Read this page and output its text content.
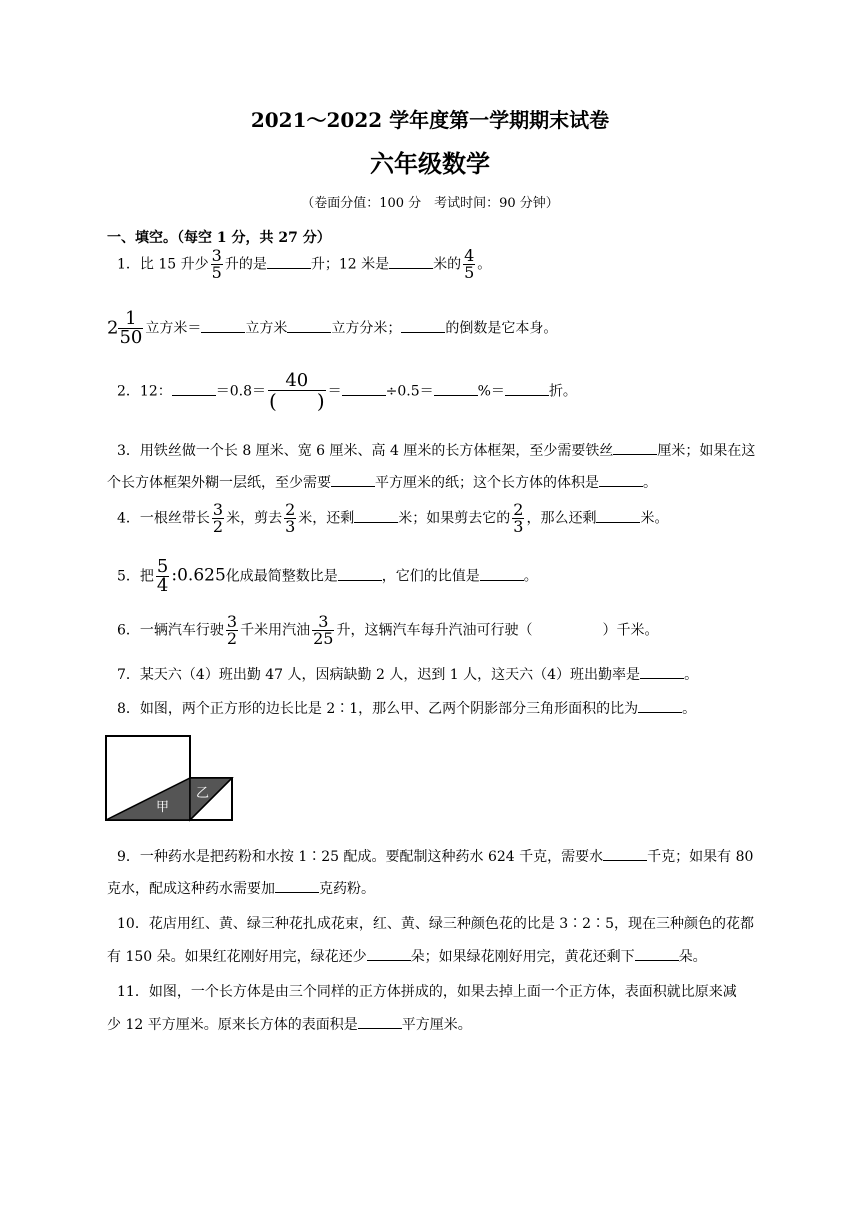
2021～2022 学年度第一学期期末试卷
六年级数学
（卷面分值：100 分　考试时间：90 分钟）
一、填空。（每空 1 分，共 27 分）
1．比 15 升少 $\frac{3}{5}$ 升的是	升；12 米是	米的 $\frac{4}{5}$ 。
$2 \frac{1}{50}$ 立方米＝	立方米	立方分米；	的倒数是它本身。
2．12：	$=0.8= \frac{40}{( )}$ ＝	÷0.5＝	%＝	折。
3．用铁丝做一个长 8 厘米、宽 6 厘米、高 4 厘米的长方体框架，至少需要铁丝	厘米；如果在这
个长方体框架外糊一层纸，至少需要	平方厘米的纸；这个长方体的体积是	。
4．一根丝带长 $\frac{3}{2}$ 米，剪去 $\frac{2}{3}$ 米，还剩	米；如果剪去它的 $\frac{2}{3}$ ，那么还剩	米。
5．把 $\frac{5}{4}$ :0.625化成最简整数比是	，它们的比值是	。
6．一辆汽车行驶 $\frac{3}{2}$ 千米用汽油 $\frac{3}{25}$ 升，这辆汽车每升汽油可行驶（　　　　　）千米。
7．某天六（4）班出勤 47 人，因病缺勤 2 人，迟到 1 人，这天六（4）班出勤率是	。
8．如图，两个正方形的边长比是 2∶1，那么甲、乙两个阴影部分三角形面积的比为	。
甲
乙
9．一种药水是把药粉和水按 1∶25 配成。要配制这种药水 624 千克，需要水	千克；如果有 80
克水，配成这种药水需要加	克药粉。
10．花店用红、黄、绿三种花扎成花束，红、黄、绿三种颜色花的比是 3∶2∶5，现在三种颜色的花都
有 150 朵。如果红花刚好用完，绿花还少	朵；如果绿花刚好用完，黄花还剩下	朵。
11．如图，一个长方体是由三个同样的正方体拼成的，如果去掉上面一个正方体，表面积就比原来减
少 12 平方厘米。原来长方体的表面积是	平方厘米。
